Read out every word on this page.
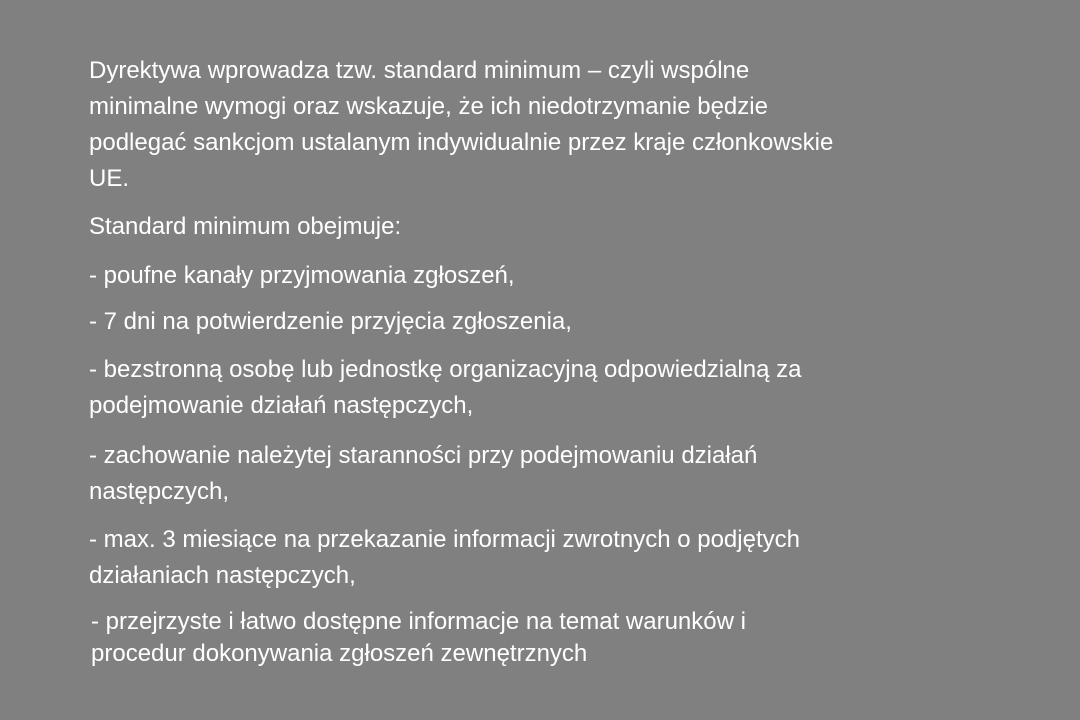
Dyrektywa wprowadza tzw. standard minimum – czyli wspólne
minimalne wymogi oraz wskazuje, że ich niedotrzymanie będzie
podlegać sankcjom ustalanym indywidualnie przez kraje członkowskie
UE.

Standard minimum obejmuje:

- poufne kanały przyjmowania zgłoszeń,

- 7 dni na potwierdzenie przyjęcia zgłoszenia,

- bezstronną osobę lub jednostkę organizacyjną odpowiedzialną za
podejmowanie działań następczych,

- zachowanie należytej staranności przy podejmowaniu działań
następczych,

- max. 3 miesiące na przekazanie informacji zwrotnych o podjętych
działaniach następczych,

- przejrzyste i łatwo dostępne informacje na temat warunków i
procedur dokonywania zgłoszeń zewnętrznych
